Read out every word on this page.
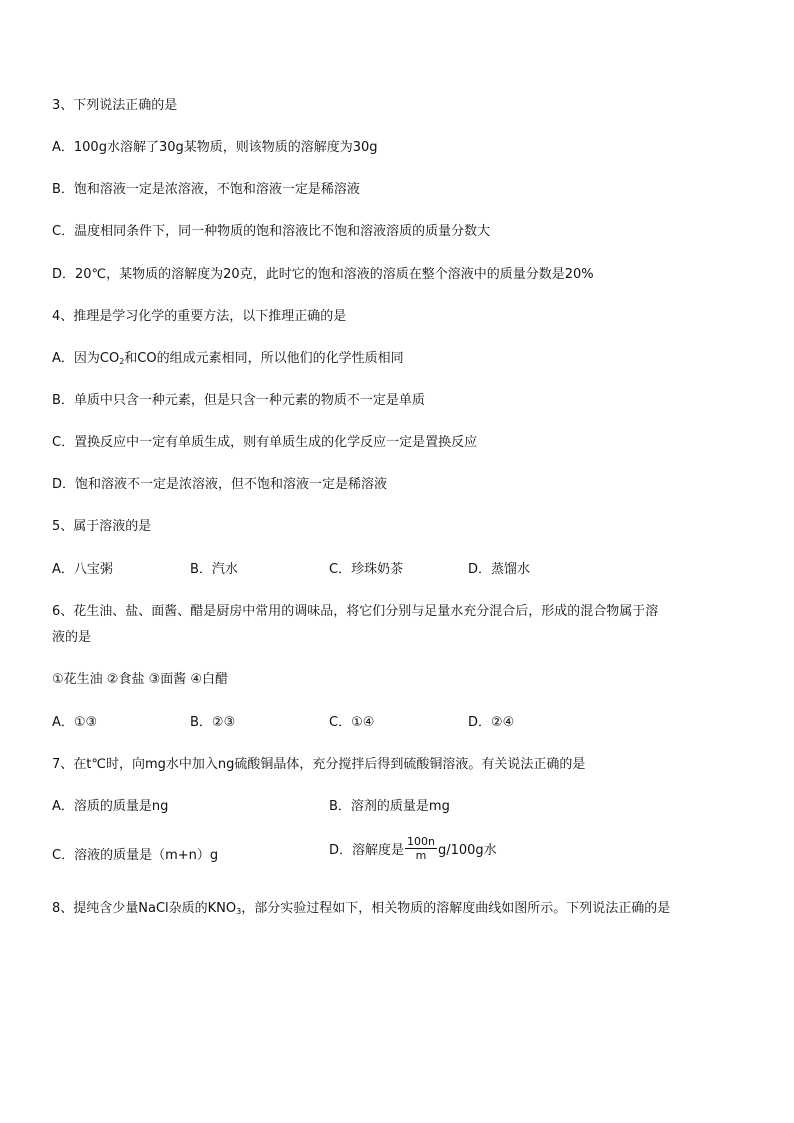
3、下列说法正确的是
A．100g水溶解了30g某物质，则该物质的溶解度为30g
B．饱和溶液一定是浓溶液，不饱和溶液一定是稀溶液
C．温度相同条件下，同一种物质的饱和溶液比不饱和溶液溶质的质量分数大
D．20℃，某物质的溶解度为20克，此时它的饱和溶液的溶质在整个溶液中的质量分数是20%
4、推理是学习化学的重要方法，以下推理正确的是
A．因为$CO_2$和CO的组成元素相同，所以他们的化学性质相同
B．单质中只含一种元素，但是只含一种元素的物质不一定是单质
C．置换反应中一定有单质生成，则有单质生成的化学反应一定是置换反应
D．饱和溶液不一定是浓溶液，但不饱和溶液一定是稀溶液
5、属于溶液的是
A．八宝粥	B．汽水	C．珍珠奶茶	D．蒸馏水
6、花生油、盐、面酱、醋是厨房中常用的调味品，将它们分别与足量水充分混合后，形成的混合物属于溶
液的是
①花生油 ②食盐 ③面酱 ④白醋
A．①③	B．②③	C．①④	D．②④
7、在t℃时，向mg水中加入ng硫酸铜晶体，充分搅拌后得到硫酸铜溶液。有关说法正确的是
A．溶质的质量是ng	B．溶剂的质量是mg
C．溶液的质量是（m+n）g	D．溶解度是 $\frac{100n}{m} g/100g$水
8、提纯含少量NaCl杂质的$KNO_3$，部分实验过程如下，相关物质的溶解度曲线如图所示。下列说法正确的是
